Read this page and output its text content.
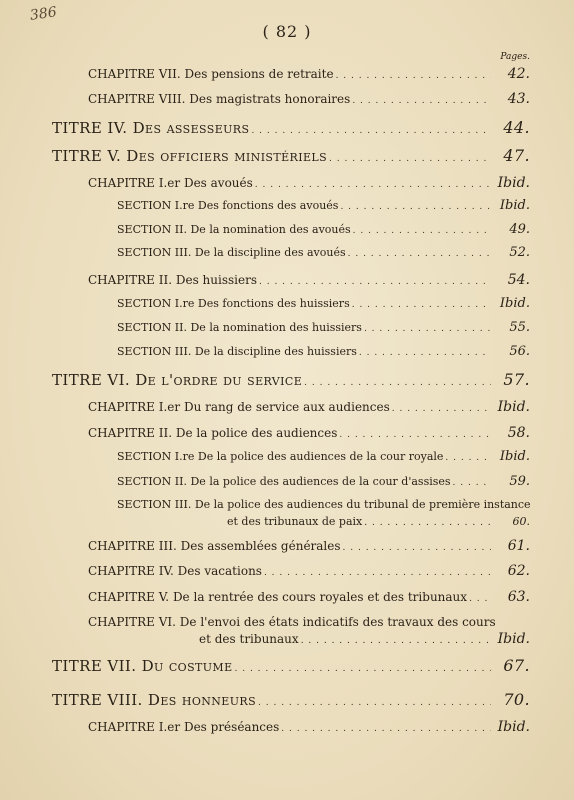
386
( 82 )
Pages.
CHAPITRE VII. Des pensions de retraite . . .	42.
CHAPITRE VIII. Des magistrats honoraires . . .	43.
TITRE IV. Des assesseurs . . .	44.
TITRE V. Des officiers ministériels . . .	47.
CHAPITRE I.er Des avoués . . .	Ibid.
SECTION I.re Des fonctions des avoués . . .	Ibid.
SECTION II. De la nomination des avoués . . .	49.
SECTION III. De la discipline des avoués . . .	52.
CHAPITRE II. Des huissiers . . .	54.
SECTION I.re Des fonctions des huissiers . . .	Ibid.
SECTION II. De la nomination des huissiers . . .	55.
SECTION III. De la discipline des huissiers . . .	56.
TITRE VI. De l'ordre du service . . .	57.
CHAPITRE I.er Du rang de service aux audiences . . .	Ibid.
CHAPITRE II. De la police des audiences . . .	58.
SECTION I.re De la police des audiences de la cour royale . . .	Ibid.
SECTION II. De la police des audiences de la cour d'assises . . .	59.
SECTION III. De la police des audiences du tribunal de première instance
et des tribunaux de paix . . .	60.
CHAPITRE III. Des assemblées générales . . .	61.
CHAPITRE IV. Des vacations . . .	62.
CHAPITRE V. De la rentrée des cours royales et des tribunaux . . .	63.
CHAPITRE VI. De l'envoi des états indicatifs des travaux des cours
et des tribunaux . . .	Ibid.
TITRE VII. Du costume . . .	67.
TITRE VIII. Des honneurs . . .	70.
CHAPITRE I.er Des préséances . . .	Ibid.
